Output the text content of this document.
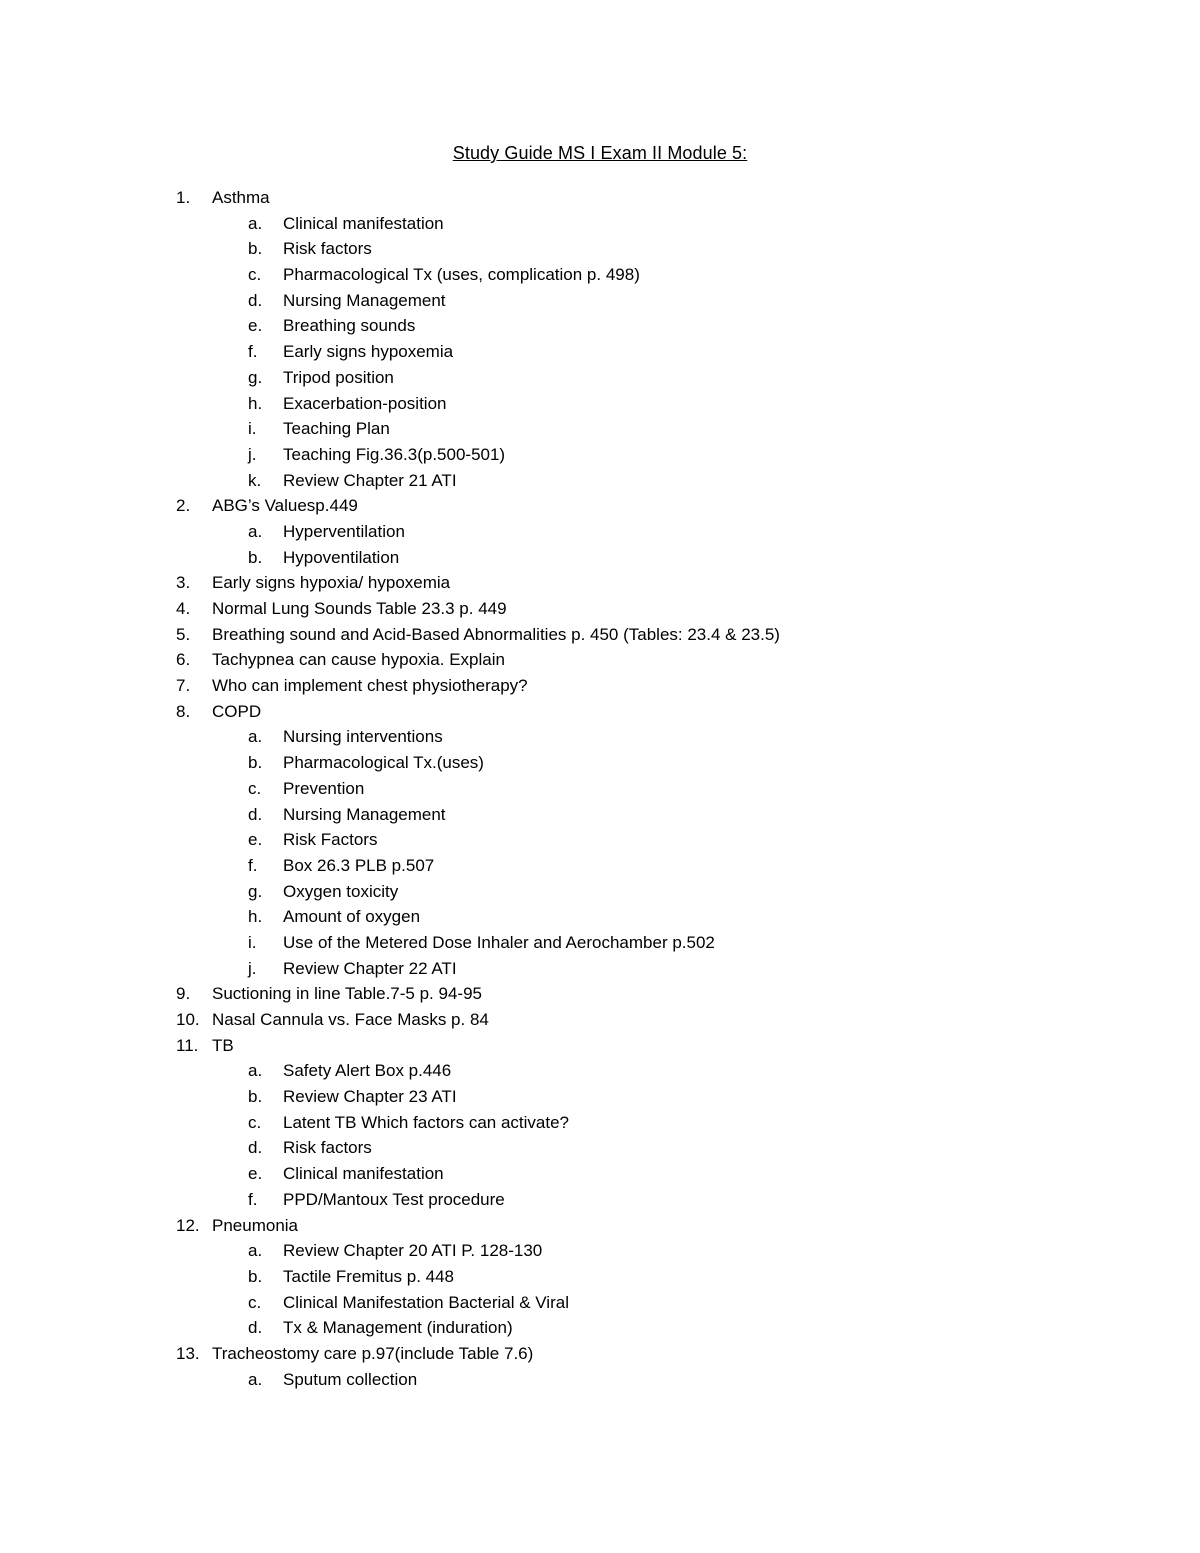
Study Guide MS I Exam II Module 5:
1. Asthma
a. Clinical manifestation
b. Risk factors
c. Pharmacological Tx (uses, complication p. 498)
d. Nursing Management
e. Breathing sounds
f. Early signs hypoxemia
g. Tripod position
h. Exacerbation-position
i. Teaching Plan
j. Teaching Fig.36.3(p.500-501)
k. Review Chapter 21 ATI
2. ABG’s Valuesp.449
a. Hyperventilation
b. Hypoventilation
3. Early signs hypoxia/ hypoxemia
4. Normal Lung Sounds Table 23.3 p. 449
5. Breathing sound and Acid-Based Abnormalities p. 450 (Tables: 23.4 & 23.5)
6. Tachypnea can cause hypoxia. Explain
7. Who can implement chest physiotherapy?
8. COPD
a. Nursing interventions
b. Pharmacological Tx.(uses)
c. Prevention
d. Nursing Management
e. Risk Factors
f. Box 26.3 PLB p.507
g. Oxygen toxicity
h. Amount of oxygen
i. Use of the Metered Dose Inhaler and Aerochamber p.502
j. Review Chapter 22 ATI
9. Suctioning in line Table.7-5 p. 94-95
10. Nasal Cannula vs. Face Masks p. 84
11. TB
a. Safety Alert Box p.446
b. Review Chapter 23 ATI
c. Latent TB Which factors can activate?
d. Risk factors
e. Clinical manifestation
f. PPD/Mantoux Test procedure
12. Pneumonia
a. Review Chapter 20 ATI P. 128-130
b. Tactile Fremitus p. 448
c. Clinical Manifestation Bacterial & Viral
d. Tx & Management (induration)
13. Tracheostomy care p.97(include Table 7.6)
a. Sputum collection
